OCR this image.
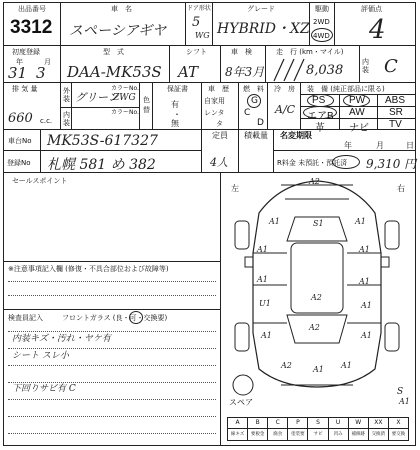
出品番号
3312
車　名
スペーシアギヤ
ドア形状
5
WG
グレード
HYBRID・XZ
駆動
2WD
4WD
評価点
4
初度登録
年	月
31 3
型　式
DAA-MK53S
シフト
AT
車　検
8年3月
走　行 (km・マイル)
8,038
内装 C
排 気 量
660 c.c.
外装
内装
グリーン
カラーNo.
ZWG
カラーNo.
色替
保証書
有
・
無
車　歴
自家用
レンタ
タ
燃　料
G
C
D
冷　房
A/C
装　備 (純正部品に限る)
PS PW ABS
エアB AW SR
革 ナビ TV
車台No MK53S-617327	定員
4人
積載量 名変期限
年	月	日
登録No 札幌 581 め 382	R料金 未預託・預託済 9,310 円
セールスポイント
※注意事項記入欄 (修復・不具合部位および故障等)
検査員記入	フロントガラス (良・可・交換要)
内装キズ・汚れ・ヤケ有
シート スレ小
下回りサビ有 C
左	右
A2
A1	S1	A1
A1	A1
A2
A1
U1
A1
A1
A2
A1	A1
A2	A1 A1
S
A1
スペア
A
線キズ
B
要板金
C
腐食
P
塗装要
S
サビ
U
凹み
W
補修跡
XX
交換済
X
要交換
